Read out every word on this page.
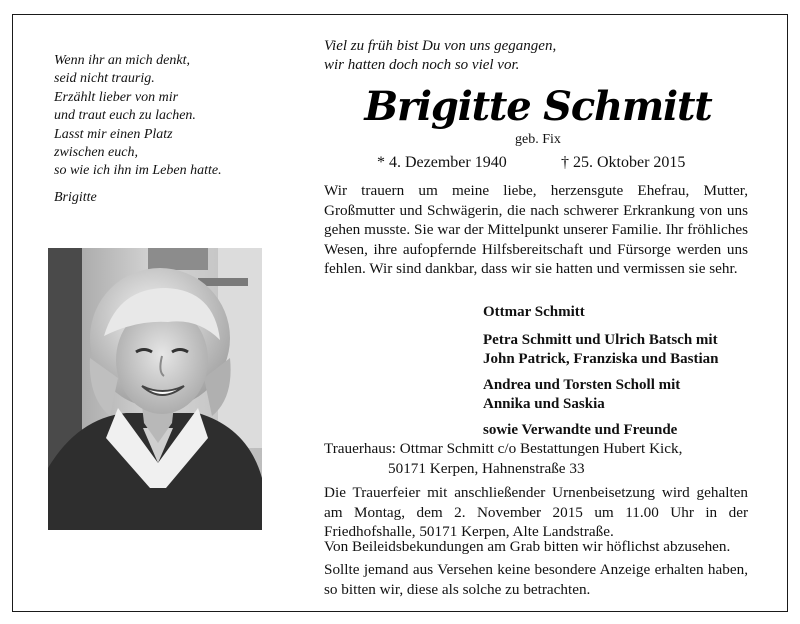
Wenn ihr an mich denkt,
seid nicht traurig.
Erzählt lieber von mir
und traut euch zu lachen.
Lasst mir einen Platz
zwischen euch,
so wie ich ihn im Leben hatte.
Brigitte
Viel zu früh bist Du von uns gegangen,
wir hatten doch noch so viel vor.
Brigitte Schmitt
geb. Fix
* 4. Dezember 1940	† 25. Oktober 2015
Wir trauern um meine liebe, herzensgute Ehefrau, Mutter, Großmutter und Schwägerin, die nach schwerer Erkrankung von uns gehen musste. Sie war der Mittelpunkt unserer Familie. Ihr fröhliches Wesen, ihre aufopfernde Hilfsbereitschaft und Fürsorge werden uns fehlen. Wir sind dankbar, dass wir sie hatten und vermissen sie sehr.
Ottmar Schmitt
Petra Schmitt und Ulrich Batsch mit
John Patrick, Franziska und Bastian
Andrea und Torsten Scholl mit
Annika und Saskia
sowie Verwandte und Freunde
Trauerhaus: Ottmar Schmitt c/o Bestattungen Hubert Kick,
50171 Kerpen, Hahnenstraße 33
Die Trauerfeier mit anschließender Urnenbeisetzung wird gehalten am Montag, dem 2. November 2015 um 11.00 Uhr in der Friedhofshalle, 50171 Kerpen, Alte Landstraße.
Von Beileidsbekundungen am Grab bitten wir höflichst abzusehen.
Sollte jemand aus Versehen keine besondere Anzeige erhalten haben, so bitten wir, diese als solche zu betrachten.
